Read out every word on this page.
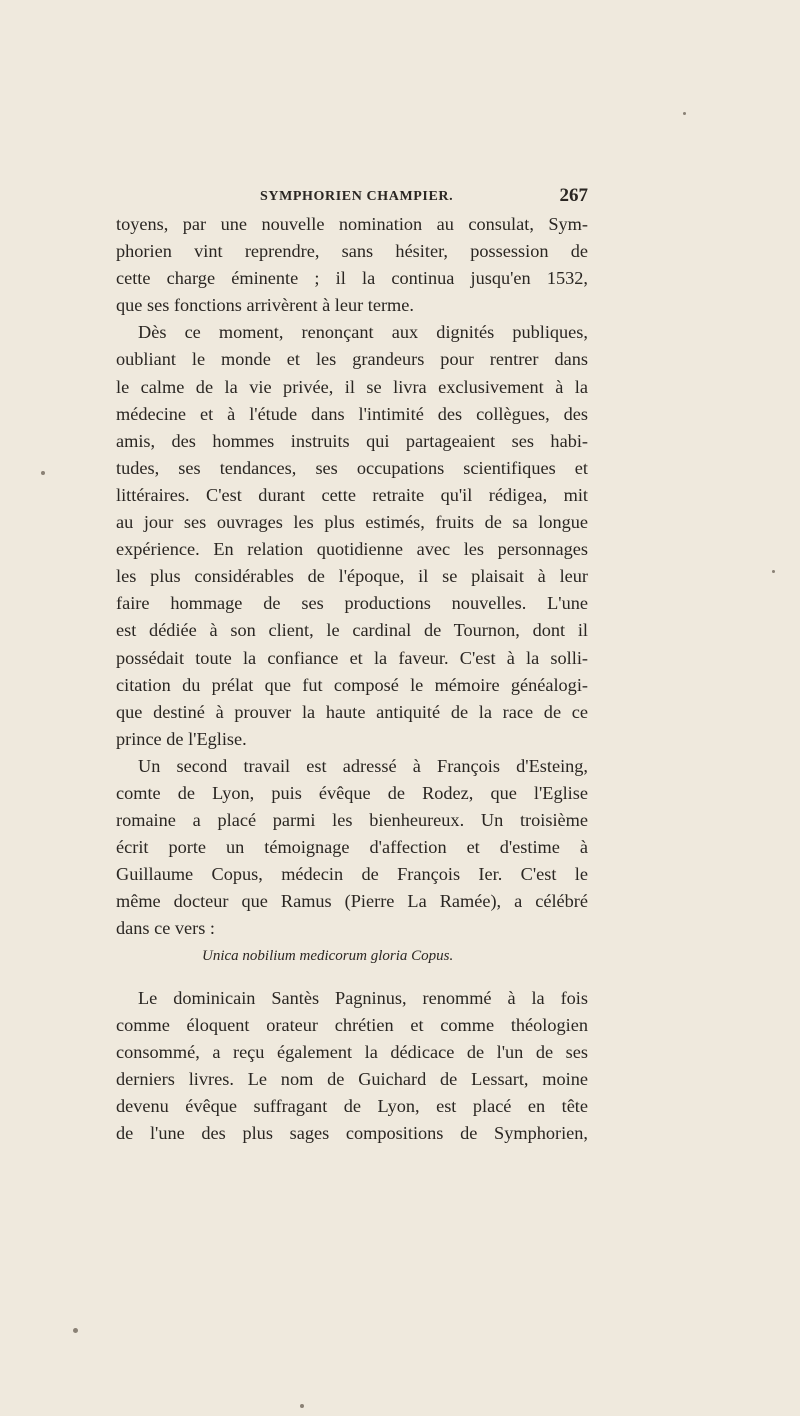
SYMPHORIEN CHAMPIER.	267
toyens, par une nouvelle nomination au consulat, Sym-
phorien vint reprendre, sans hésiter, possession de
cette charge éminente ; il la continua jusqu'en 1532,
que ses fonctions arrivèrent à leur terme.
Dès ce moment, renonçant aux dignités publiques,
oubliant le monde et les grandeurs pour rentrer dans
le calme de la vie privée, il se livra exclusivement à la
médecine et à l'étude dans l'intimité des collègues, des
amis, des hommes instruits qui partageaient ses habi-
tudes, ses tendances, ses occupations scientifiques et
littéraires. C'est durant cette retraite qu'il rédigea, mit
au jour ses ouvrages les plus estimés, fruits de sa longue
expérience. En relation quotidienne avec les personnages
les plus considérables de l'époque, il se plaisait à leur
faire hommage de ses productions nouvelles. L'une
est dédiée à son client, le cardinal de Tournon, dont il
possédait toute la confiance et la faveur. C'est à la solli-
citation du prélat que fut composé le mémoire généalogi-
que destiné à prouver la haute antiquité de la race de ce
prince de l'Eglise.
Un second travail est adressé à François d'Esteing,
comte de Lyon, puis évêque de Rodez, que l'Eglise
romaine a placé parmi les bienheureux. Un troisième
écrit porte un témoignage d'affection et d'estime à
Guillaume Copus, médecin de François Ier. C'est le
même docteur que Ramus (Pierre La Ramée), a célébré
dans ce vers :
Unica nobilium medicorum gloria Copus.
Le dominicain Santès Pagninus, renommé à la fois
comme éloquent orateur chrétien et comme théologien
consommé, a reçu également la dédicace de l'un de ses
derniers livres. Le nom de Guichard de Lessart, moine
devenu évêque suffragant de Lyon, est placé en tête
de l'une des plus sages compositions de Symphorien,
